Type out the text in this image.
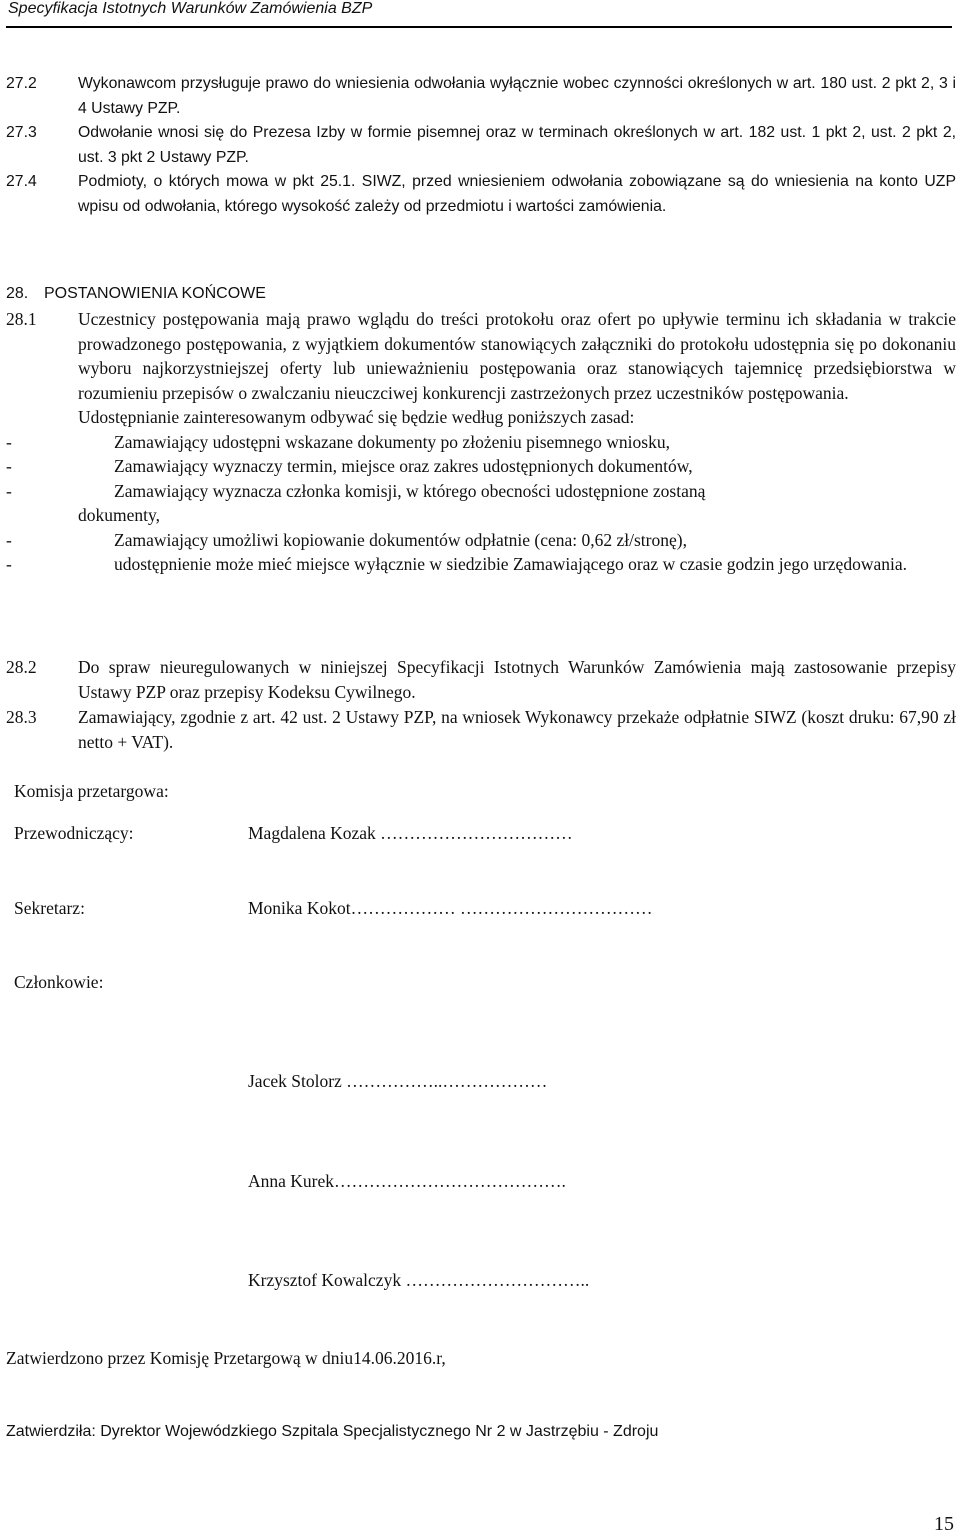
Specyfikacja Istotnych Warunków Zamówienia BZP
27.2	Wykonawcom przysługuje prawo do wniesienia odwołania wyłącznie wobec czynności określonych w art. 180 ust. 2 pkt 2, 3 i 4 Ustawy PZP.
27.3	Odwołanie wnosi się do Prezesa Izby w formie pisemnej oraz w terminach określonych w art. 182 ust. 1 pkt 2, ust. 2 pkt 2, ust. 3 pkt 2 Ustawy PZP.
27.4	Podmioty, o których mowa w pkt 25.1. SIWZ, przed wniesieniem odwołania zobowiązane są do wniesienia na konto UZP wpisu od odwołania, którego wysokość zależy od przedmiotu i wartości zamówienia.
28. POSTANOWIENIA KOŃCOWE
28.1 Uczestnicy postępowania mają prawo wglądu do treści protokołu oraz ofert po upływie terminu ich składania w trakcie prowadzonego postępowania, z wyjątkiem dokumentów stanowiących załączniki do protokołu udostępnia się po dokonaniu wyboru najkorzystniejszej oferty lub unieważnieniu postępowania oraz stanowiących tajemnicę przedsiębiorstwa w rozumieniu przepisów o zwalczaniu nieuczciwej konkurencji zastrzeżonych przez uczestników postępowania.
Udostępnianie zainteresowanym odbywać się będzie według poniższych zasad:
-	Zamawiający udostępni wskazane dokumenty po złożeniu pisemnego wniosku,
-	Zamawiający wyznaczy termin, miejsce oraz zakres udostępnionych dokumentów,
-	Zamawiający wyznacza członka komisji, w którego obecności udostępnione zostaną
dokumenty,
-	Zamawiający umożliwi kopiowanie dokumentów odpłatnie (cena: 0,62 zł/stronę),
-	udostępnienie może mieć miejsce wyłącznie w siedzibie Zamawiającego oraz w czasie godzin jego urzędowania.
28.2 Do spraw nieuregulowanych w niniejszej Specyfikacji Istotnych Warunków Zamówienia mają zastosowanie przepisy Ustawy PZP oraz przepisy Kodeksu Cywilnego.
28.3 Zamawiający, zgodnie z art. 42 ust. 2 Ustawy PZP, na wniosek Wykonawcy przekaże odpłatnie SIWZ (koszt druku: 67,90 zł netto + VAT).
Komisja przetargowa:
Przewodniczący:	Magdalena Kozak ……………………………
Sekretarz:	Monika Kokot……………… ……………………………
Członkowie:
Jacek Stolorz ……………..………………
Anna Kurek………………………………….
Krzysztof Kowalczyk …………………………..
Zatwierdzono przez Komisję Przetargową w dniu14.06.2016.r,
Zatwierdziła: Dyrektor Wojewódzkiego Szpitala Specjalistycznego Nr 2 w Jastrzębiu - Zdroju
15
